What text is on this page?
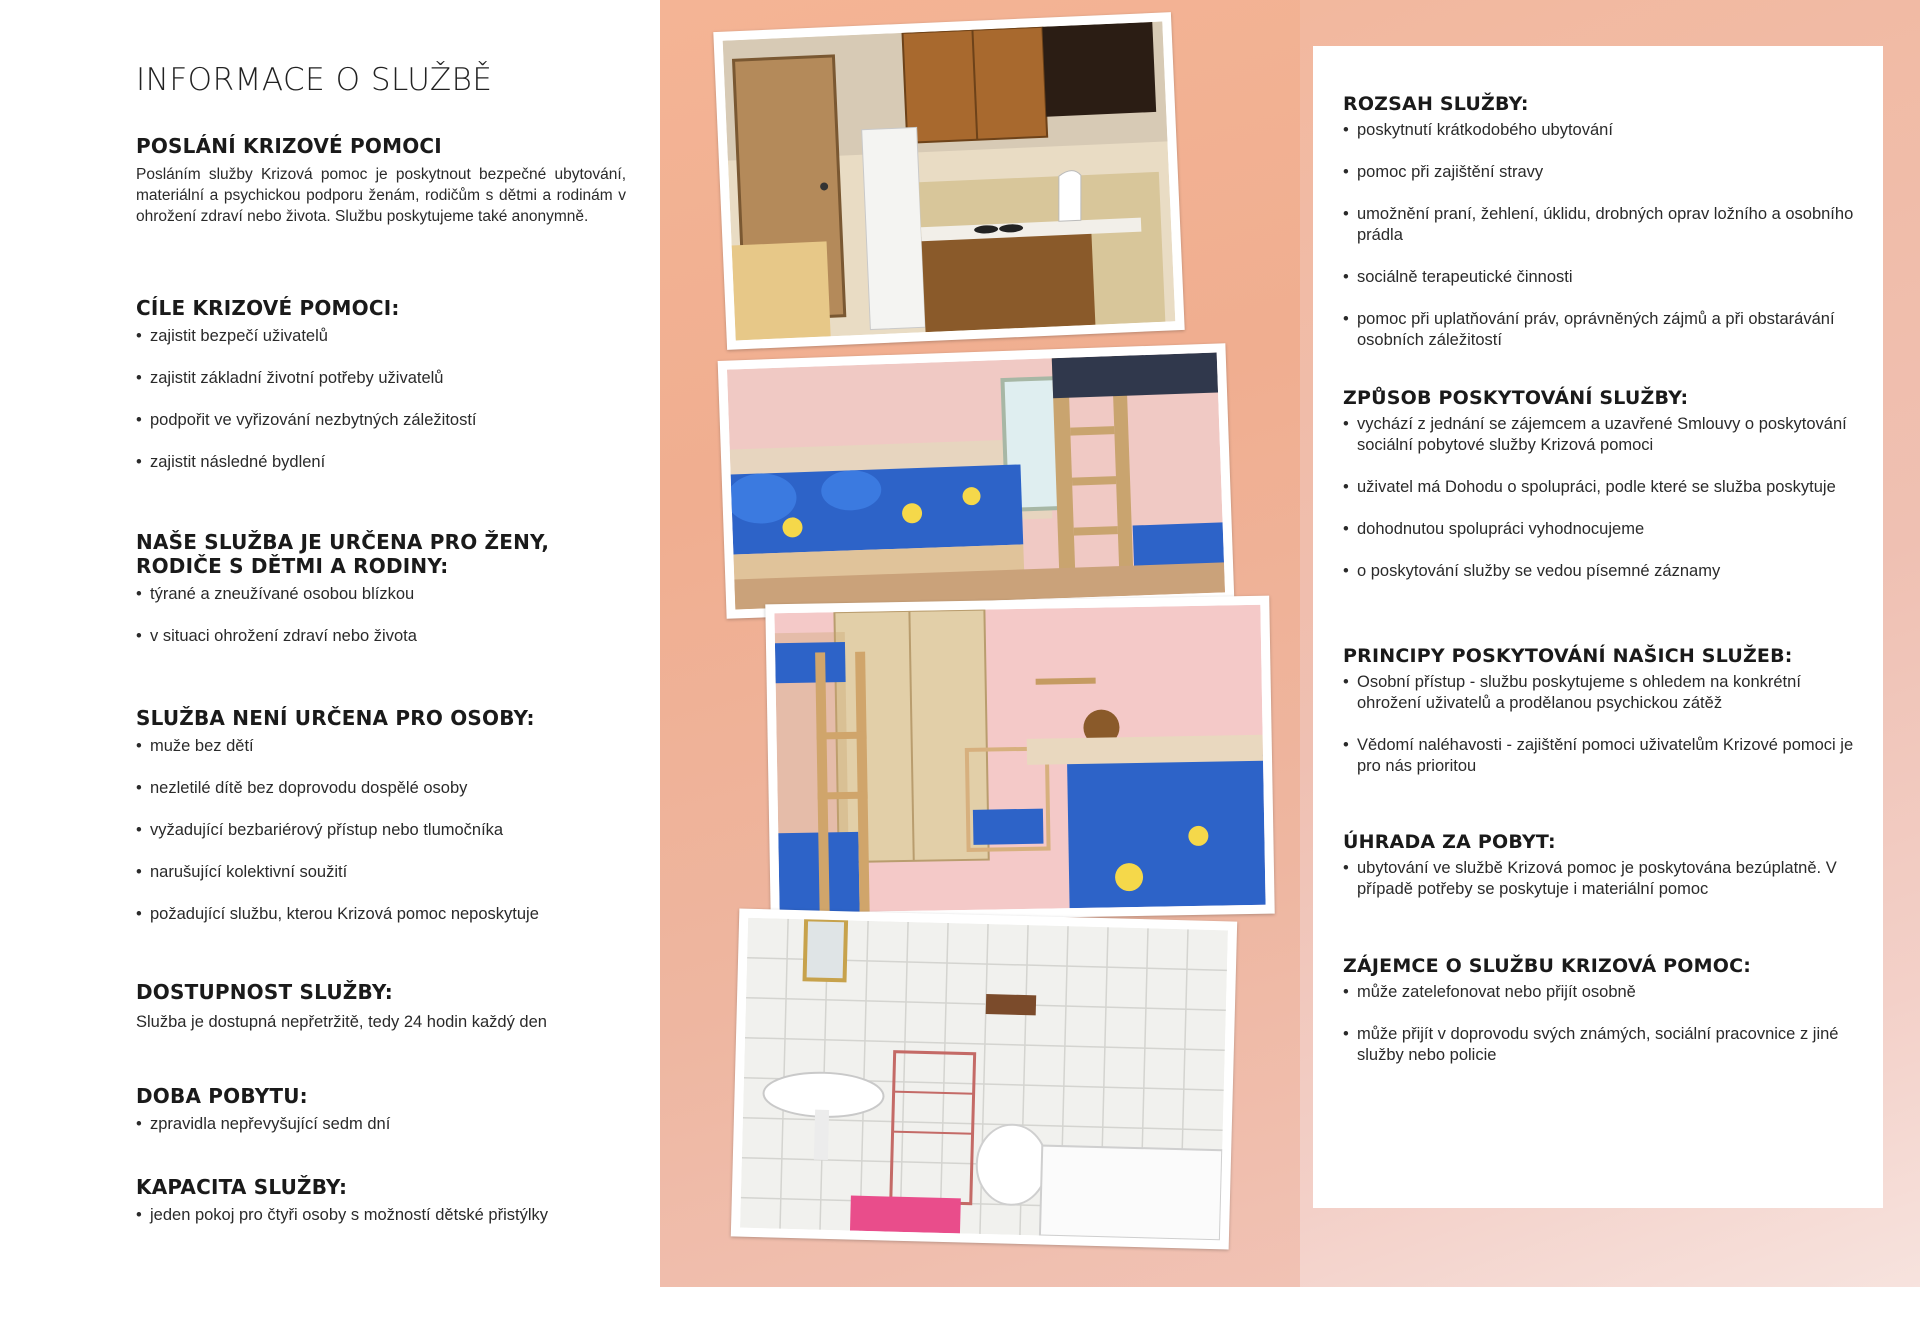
INFORMACE O SLUŽBĚ
POSLÁNÍ KRIZOVÉ POMOCI

Posláním služby Krizová pomoc je poskytnout bezpečné ubytování, materiální a psychickou podporu ženám, rodičům s dětmi a rodinám v ohrožení zdraví nebo života. Službu poskytujeme také anonymně.

CÍLE KRIZOVÉ POMOCI:
• zajistit bezpečí uživatelů
• zajistit základní životní potřeby uživatelů
• podpořit ve vyřizování nezbytných záležitostí
• zajistit následné bydlení
NAŠE SLUŽBA JE URČENA PRO ŽENY,
RODIČE S DĚTMI A RODINY:
• týrané a zneužívané osobou blízkou
• v situaci ohrožení zdraví nebo života
SLUŽBA NENÍ URČENA PRO OSOBY:
• muže bez dětí
• nezletilé dítě bez doprovodu dospělé osoby
• vyžadující bezbariérový přístup nebo tlumočníka
• narušující kolektivní soužití
• požadující službu, kterou Krizová pomoc neposkytuje
DOSTUPNOST SLUŽBY:

Služba je dostupná nepřetržitě, tedy 24 hodin každý den

DOBA POBYTU:
• zpravidla nepřevyšující sedm dní
KAPACITA SLUŽBY:
• jeden pokoj pro čtyři osoby s možností dětské přistýlky
ROZSAH SLUŽBY:
• poskytnutí krátkodobého ubytování
• pomoc při zajištění stravy
• umožnění praní, žehlení, úklidu, drobných oprav ložního a osobního prádla
• sociálně terapeutické činnosti
• pomoc při uplatňování práv, oprávněných zájmů a při obstarávání osobních záležitostí
ZPŮSOB POSKYTOVÁNÍ SLUŽBY:
• vychází z jednání se zájemcem a uzavřené Smlouvy o poskytování sociální pobytové služby Krizová pomoci
• uživatel má Dohodu o spolupráci, podle které se služba poskytuje
• dohodnutou spolupráci vyhodnocujeme
• o poskytování služby se vedou písemné záznamy
PRINCIPY POSKYTOVÁNÍ NAŠICH SLUŽEB:
• Osobní přístup - službu poskytujeme s ohledem na konkrétní ohrožení uživatelů a prodělanou psychickou zátěž
• Vědomí naléhavosti - zajištění pomoci uživatelům Krizové pomoci je pro nás prioritou
ÚHRADA ZA POBYT:

• ubytování ve službě Krizová pomoc je poskytována bezúplatně. V případě potřeby se poskytuje i materiální pomoc

ZÁJEMCE O SLUŽBU KRIZOVÁ POMOC:
• může zatelefonovat nebo přijít osobně
• může přijít v doprovodu svých známých, sociální pracovnice z jiné služby nebo policie
